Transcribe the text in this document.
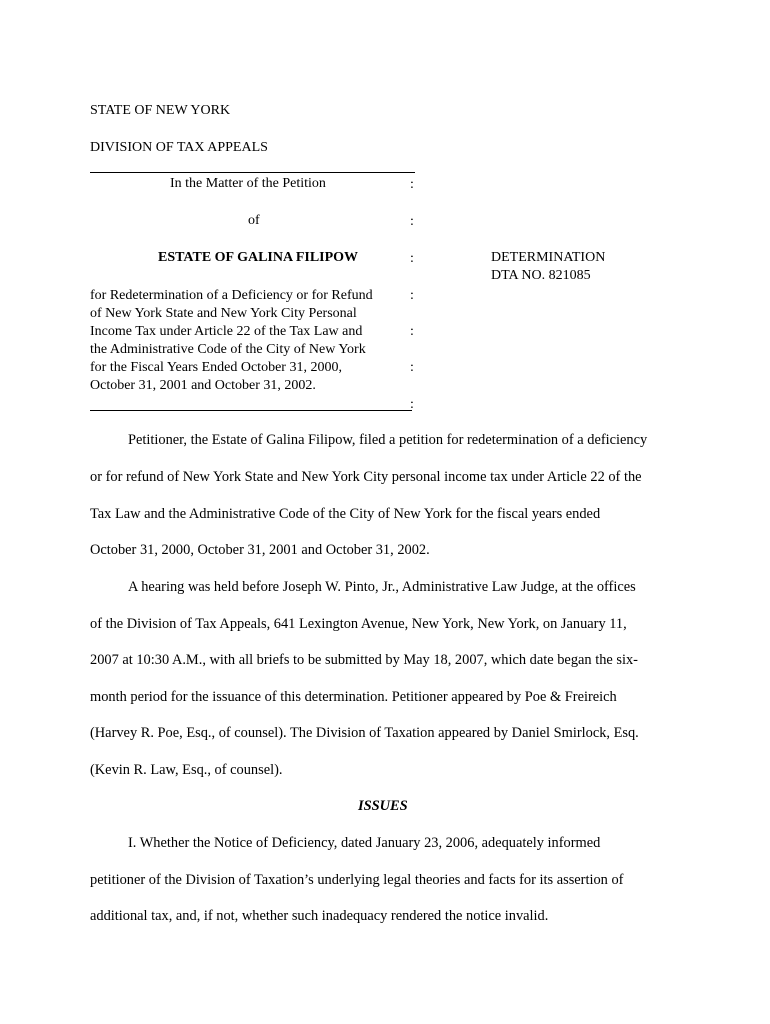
STATE OF NEW YORK
DIVISION OF TAX APPEALS
In the Matter of the Petition	:
of	:
ESTATE OF GALINA FILIPOW	:	DETERMINATION
DTA NO. 821085
for Redetermination of a Deficiency or for Refund
of New York State and New York City Personal
Income Tax under Article 22 of the Tax Law and
the Administrative Code of the City of New York
for the Fiscal Years Ended October 31, 2000,
October 31, 2001 and October 31, 2002.
:
:
:
:
Petitioner, the Estate of Galina Filipow, filed a petition for redetermination of a deficiency
or for refund of New York State and New York City personal income tax under Article 22 of the
Tax Law and the Administrative Code of the City of New York for the fiscal years ended
October 31, 2000, October 31, 2001 and October 31, 2002.
A hearing was held before Joseph W. Pinto, Jr., Administrative Law Judge, at the offices
of the Division of Tax Appeals, 641 Lexington Avenue, New York, New York, on January 11,
2007 at 10:30 A.M., with all briefs to be submitted by May 18, 2007, which date began the six-
month period for the issuance of this determination. Petitioner appeared by Poe & Freireich
(Harvey R. Poe, Esq., of counsel). The Division of Taxation appeared by Daniel Smirlock, Esq.
(Kevin R. Law, Esq., of counsel).
ISSUES
I. Whether the Notice of Deficiency, dated January 23, 2006, adequately informed
petitioner of the Division of Taxation’s underlying legal theories and facts for its assertion of
additional tax, and, if not, whether such inadequacy rendered the notice invalid.
